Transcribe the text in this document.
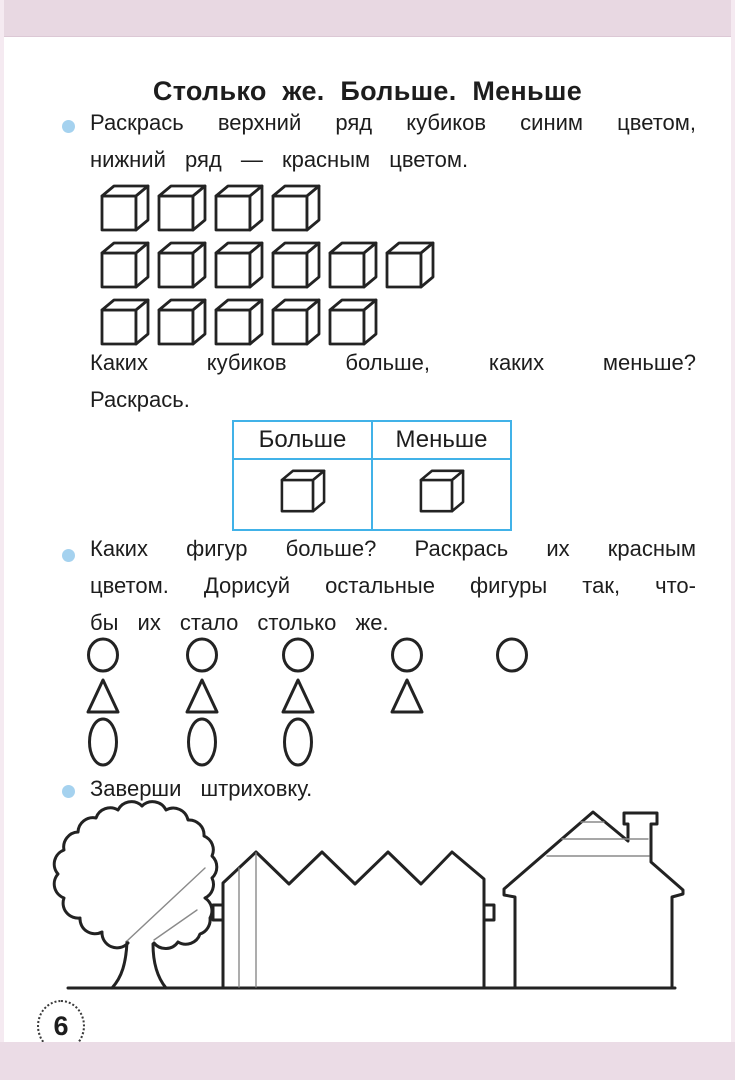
Столько же. Больше. Меньше
Раскрась верхний ряд кубиков синим цветом,
нижний ряд — красным цветом.
Каких кубиков больше, каких меньше?
Раскрась.
Больше	Меньше

Каких фигур больше? Раскрась их красным
цветом. Дорисуй остальные фигуры так, что-
бы их стало столько же.
Заверши штриховку.
6
